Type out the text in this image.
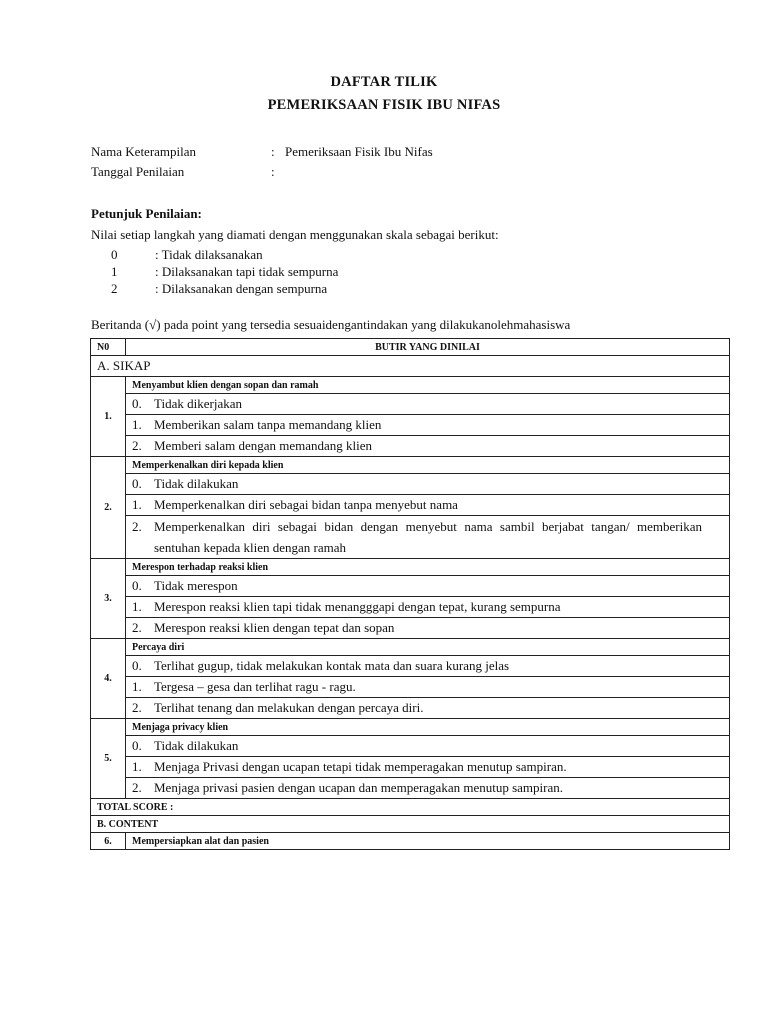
DAFTAR TILIK
PEMERIKSAAN FISIK IBU NIFAS
Nama Keterampilan	: Pemeriksaan Fisik Ibu Nifas
Tanggal Penilaian	:
Petunjuk Penilaian:
Nilai setiap langkah yang diamati dengan menggunakan skala sebagai berikut:
0	: Tidak dilaksanakan
1	: Dilaksanakan tapi tidak sempurna
2	: Dilaksanakan dengan sempurna
Beritanda (√) pada point yang tersedia sesuaidengantindakan yang dilakukanolehmahasiswa
N0	BUTIR YANG DINILAI
A. SIKAP	
1.	Menyambut klien dengan sopan dan ramah
	0. Tidak dikerjakan
	1. Memberikan salam tanpa memandang klien
	2. Memberi salam dengan memandang klien
2.	Memperkenalkan diri kepada klien
	0. Tidak dilakukan
	1. Memperkenalkan diri sebagai bidan tanpa menyebut nama
	2. Memperkenalkan diri sebagai bidan dengan menyebut nama sambil berjabat tangan/ memberikan sentuhan kepada klien dengan ramah
3.	Merespon terhadap reaksi klien
	0. Tidak merespon
	1. Merespon reaksi klien tapi tidak menangggapi dengan tepat, kurang sempurna
	2. Merespon reaksi klien dengan tepat dan sopan
4.	Percaya diri
	0. Terlihat gugup, tidak melakukan kontak mata dan suara kurang jelas
	1. Tergesa – gesa dan terlihat ragu - ragu.
	2. Terlihat tenang dan melakukan dengan percaya diri.
5.	Menjaga privacy klien
	0. Tidak dilakukan
	1. Menjaga Privasi dengan ucapan tetapi tidak memperagakan menutup sampiran.
	2. Menjaga privasi pasien dengan ucapan dan memperagakan menutup sampiran.
TOTAL SCORE :	
B. CONTENT	
6.	Mempersiapkan alat dan pasien
